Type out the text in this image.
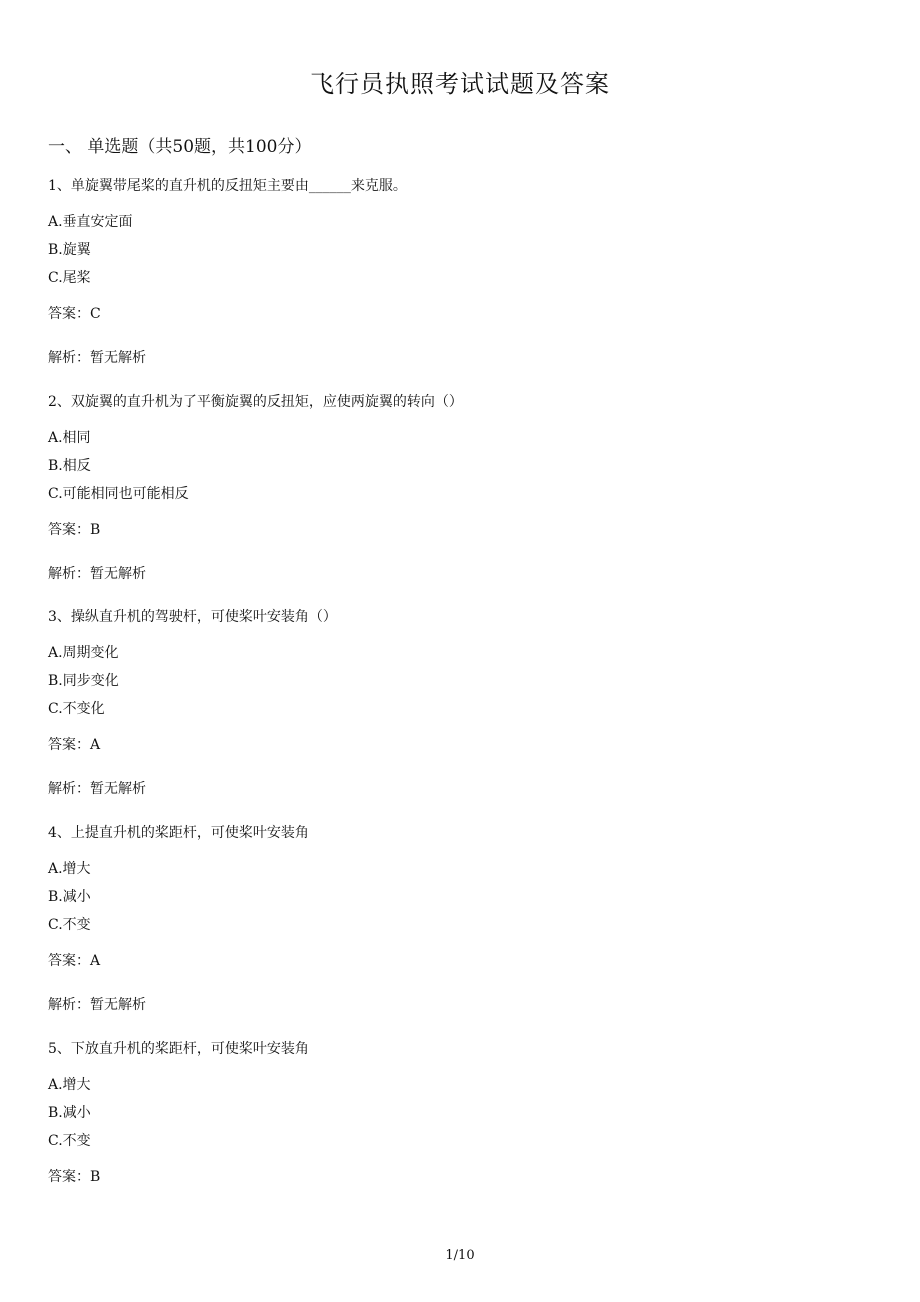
飞行员执照考试试题及答案
一、 单选题（共50题，共100分）

1、单旋翼带尾桨的直升机的反扭矩主要由______来克服。

A.垂直安定面

B.旋翼

C.尾桨

答案：C

解析：暂无解析

2、双旋翼的直升机为了平衡旋翼的反扭矩，应使两旋翼的转向（）

A.相同

B.相反

C.可能相同也可能相反

答案：B

解析：暂无解析

3、操纵直升机的驾驶杆，可使桨叶安装角（）

A.周期变化

B.同步变化

C.不变化

答案：A

解析：暂无解析

4、上提直升机的桨距杆，可使桨叶安装角

A.增大

B.减小

C.不变

答案：A

解析：暂无解析

5、下放直升机的桨距杆，可使桨叶安装角

A.增大

B.减小

C.不变

答案：B

1/10
